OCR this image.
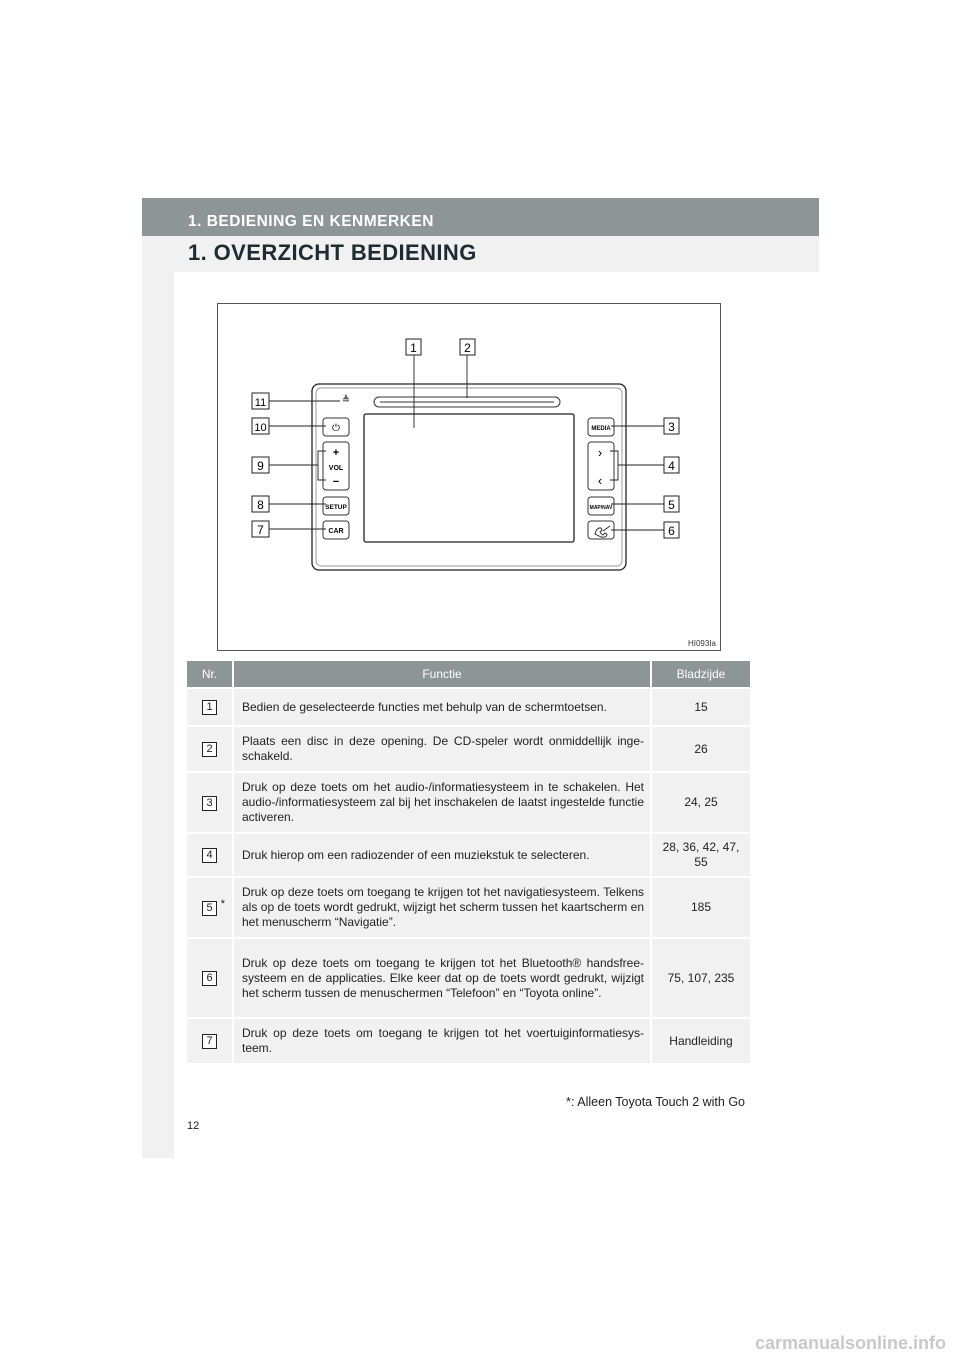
1. BEDIENING EN KENMERKEN
1. OVERZICHT BEDIENING
⏻
≜
+
VOL
−
SETUP
CAR
MEDIA
›
‹
MAP/NAV
1	2
11
10
9
8
7
3
4
5
6
HI093Ia
Nr.	Functie	Bladzijde
1	Bedien de geselecteerde functies met behulp van de schermtoetsen.	15
2	Plaats een disc in deze opening. De CD-speler wordt onmiddellijk inge-schakeld.	26
3	Druk op deze toets om het audio-/informatiesysteem in te schakelen. Het audio-/informatiesysteem zal bij het inschakelen de laatst ingestelde functie activeren.	24, 25
4	Druk hierop om een radiozender of een muziekstuk te selecteren.	28, 36, 42, 47, 55
5 *	Druk op deze toets om toegang te krijgen tot het navigatiesysteem. Telkens als op de toets wordt gedrukt, wijzigt het scherm tussen het kaartscherm en het menuscherm “Navigatie”.	185
6	Druk op deze toets om toegang te krijgen tot het Bluetooth® handsfree-systeem en de applicaties. Elke keer dat op de toets wordt gedrukt, wijzigt het scherm tussen de menuschermen “Telefoon” en “Toyota online”.	75, 107, 235
7	Druk op deze toets om toegang te krijgen tot het voertuiginformatiesys-teem.	Handleiding
*: Alleen Toyota Touch 2 with Go
12
carmanualsonline.info
